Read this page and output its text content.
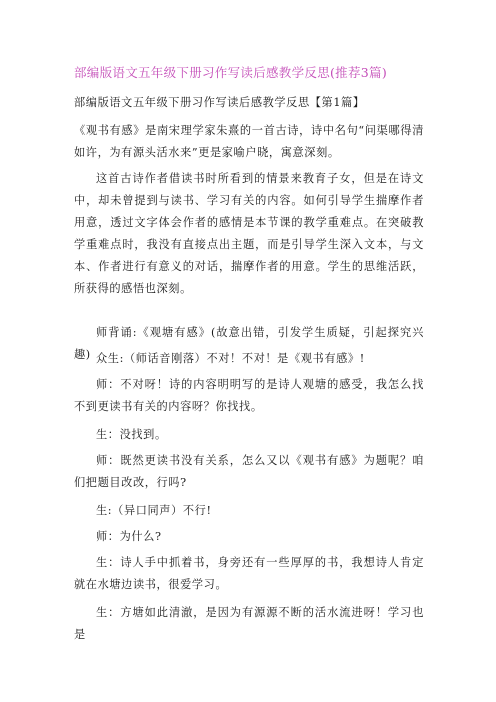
部编版语文五年级下册习作写读后感教学反思(推荐3篇)

部编版语文五年级下册习作写读后感教学反思【第1篇】

《观书有感》是南宋理学家朱熹的一首古诗，诗中名句“问渠哪得清如许，为有源头活水来”更是家喻户晓，寓意深刻。

这首古诗作者借读书时所看到的情景来教育子女，但是在诗文中，却未曾提到与读书、学习有关的内容。如何引导学生揣摩作者用意，透过文字体会作者的感情是本节课的教学重难点。在突破教学重难点时，我没有直接点出主题，而是引导学生深入文本，与文本、作者进行有意义的对话，揣摩作者的用意。学生的思维活跃，所获得的感悟也深刻。

师背诵:《观塘有感》(故意出错，引发学生质疑，引起探究兴趣) 众生:（师话音刚落）不对！不对！是《观书有感》!

师：不对呀！诗的内容明明写的是诗人观塘的感受，我怎么找不到更读书有关的内容呀？你找找。

生：没找到。

师：既然更读书没有关系，怎么又以《观书有感》为题呢？咱们把题目改改，行吗?

生:（异口同声）不行!

师：为什么?

生：诗人手中抓着书，身旁还有一些厚厚的书，我想诗人肯定就在水塘边读书，很爱学习。

生：方塘如此清澈，是因为有源源不断的活水流进呀！学习也是
